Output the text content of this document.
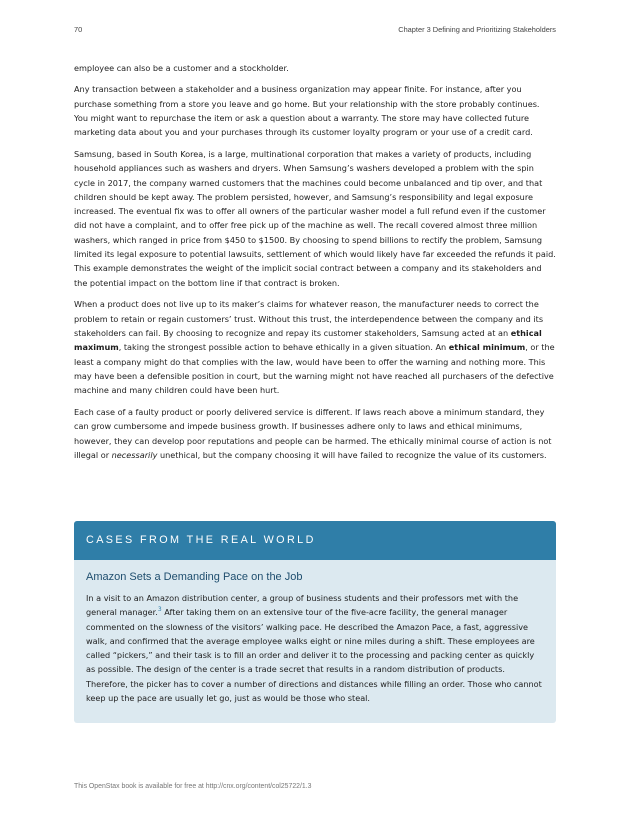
70	Chapter 3 Defining and Prioritizing Stakeholders

employee can also be a customer and a stockholder.

Any transaction between a stakeholder and a business organization may appear finite. For instance, after you purchase something from a store you leave and go home. But your relationship with the store probably continues. You might want to repurchase the item or ask a question about a warranty. The store may have collected future marketing data about you and your purchases through its customer loyalty program or your use of a credit card.

Samsung, based in South Korea, is a large, multinational corporation that makes a variety of products, including household appliances such as washers and dryers. When Samsung’s washers developed a problem with the spin cycle in 2017, the company warned customers that the machines could become unbalanced and tip over, and that children should be kept away. The problem persisted, however, and Samsung’s responsibility and legal exposure increased. The eventual fix was to offer all owners of the particular washer model a full refund even if the customer did not have a complaint, and to offer free pick up of the machine as well. The recall covered almost three million washers, which ranged in price from $450 to $1500. By choosing to spend billions to rectify the problem, Samsung limited its legal exposure to potential lawsuits, settlement of which would likely have far exceeded the refunds it paid. This example demonstrates the weight of the implicit social contract between a company and its stakeholders and the potential impact on the bottom line if that contract is broken.

When a product does not live up to its maker’s claims for whatever reason, the manufacturer needs to correct the problem to retain or regain customers’ trust. Without this trust, the interdependence between the company and its stakeholders can fail. By choosing to recognize and repay its customer stakeholders, Samsung acted at an ethical maximum, taking the strongest possible action to behave ethically in a given situation. An ethical minimum, or the least a company might do that complies with the law, would have been to offer the warning and nothing more. This may have been a defensible position in court, but the warning might not have reached all purchasers of the defective machine and many children could have been hurt.

Each case of a faulty product or poorly delivered service is different. If laws reach above a minimum standard, they can grow cumbersome and impede business growth. If businesses adhere only to laws and ethical minimums, however, they can develop poor reputations and people can be harmed. The ethically minimal course of action is not illegal or necessarily unethical, but the company choosing it will have failed to recognize the value of its customers.

CASES FROM THE REAL WORLD
Amazon Sets a Demanding Pace on the Job
In a visit to an Amazon distribution center, a group of business students and their professors met with the general manager.$^3$ After taking them on an extensive tour of the five-acre facility, the general manager commented on the slowness of the visitors’ walking pace. He described the Amazon Pace, a fast, aggressive walk, and confirmed that the average employee walks eight or nine miles during a shift. These employees are called “pickers,” and their task is to fill an order and deliver it to the processing and packing center as quickly as possible. The design of the center is a trade secret that results in a random distribution of products. Therefore, the picker has to cover a number of directions and distances while filling an order. Those who cannot keep up the pace are usually let go, just as would be those who steal.
This OpenStax book is available for free at http://cnx.org/content/col25722/1.3
